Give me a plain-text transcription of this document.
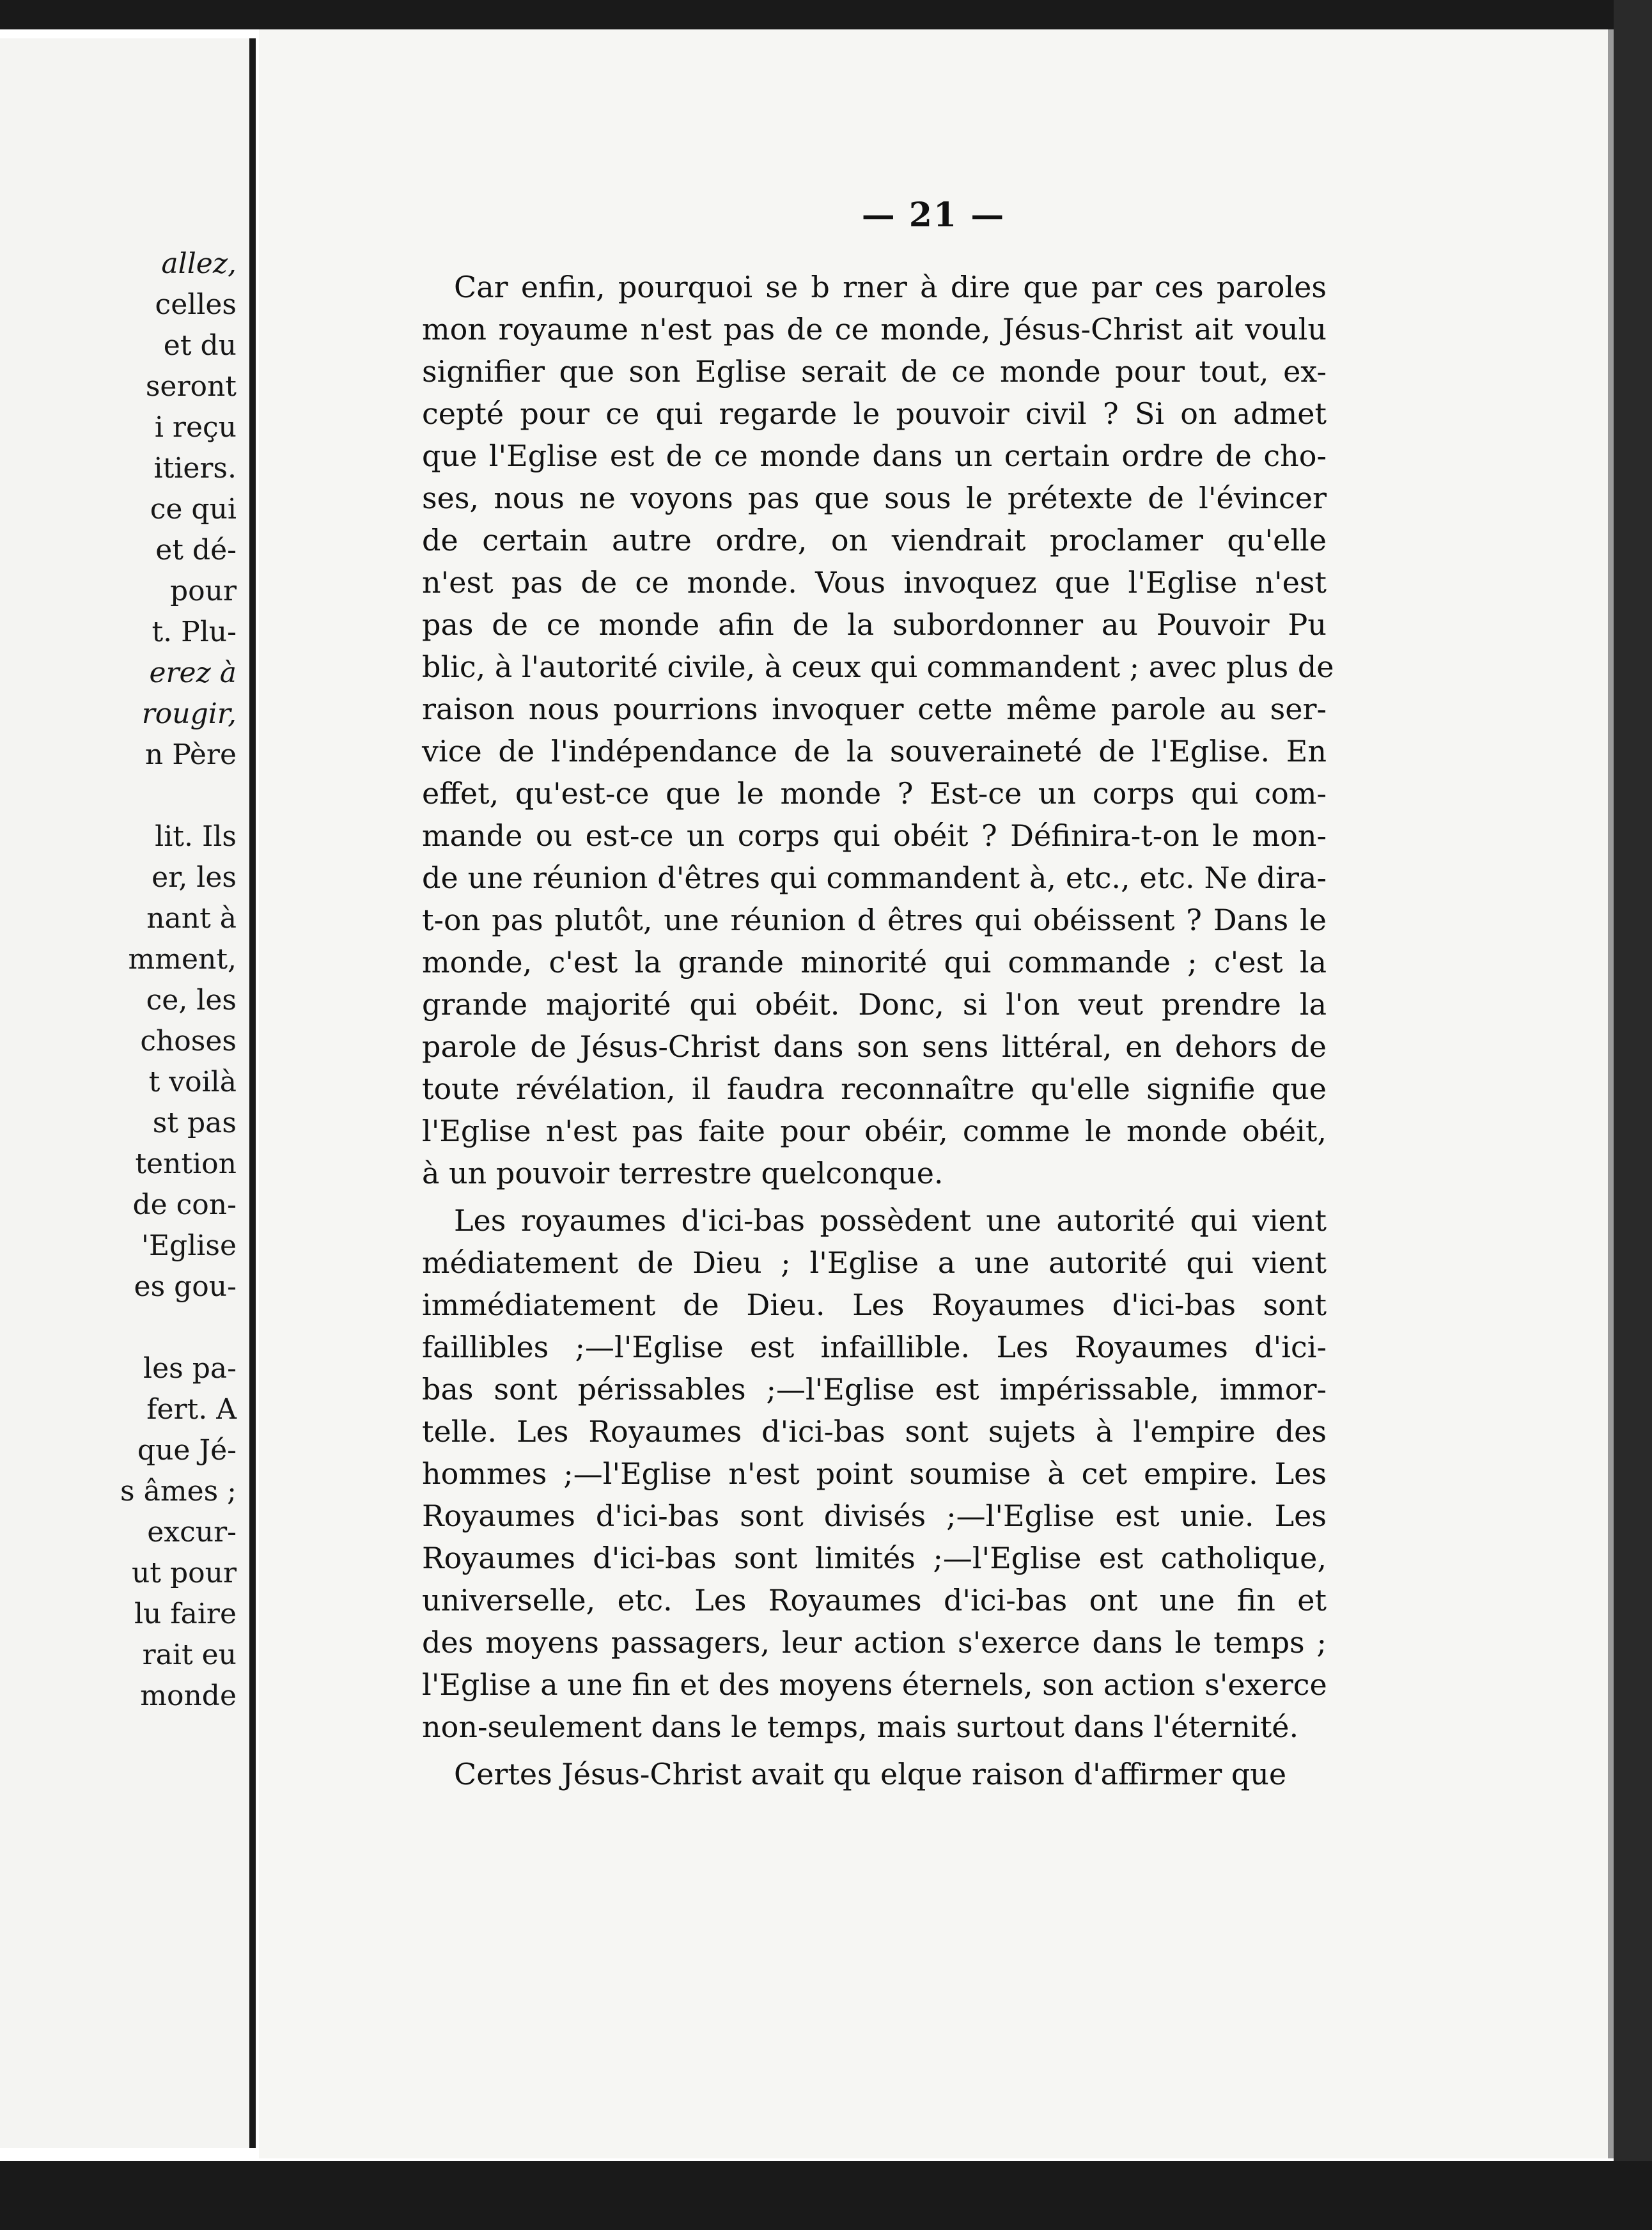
allez,
celles
et du
seront
i reçu
itiers.
ce qui
et dé-
pour
t. Plu-
erez à
rougir,
n Père
lit. Ils
er, les
nant à
mment,
ce, les
choses
t voilà
st pas
tention
de con-
'Eglise
es gou-
les pa-
fert. A
que Jé-
s âmes ;
excur-
ut pour
lu faire
rait eu
monde
— 21 —
Car enfin, pourquoi se b rner à dire que par ces paroles
mon royaume n'est pas de ce monde, Jésus-Christ ait voulu
signifier que son Eglise serait de ce monde pour tout, ex-
cepté pour ce qui regarde le pouvoir civil ? Si on admet
que l'Eglise est de ce monde dans un certain ordre de cho-
ses, nous ne voyons pas que sous le prétexte de l'évincer
de certain autre ordre, on viendrait proclamer qu'elle
n'est pas de ce monde. Vous invoquez que l'Eglise n'est
pas de ce monde afin de la subordonner au Pouvoir Pu
blic, à l'autorité civile, à ceux qui commandent ; avec plus de
raison nous pourrions invoquer cette même parole au ser-
vice de l'indépendance de la souveraineté de l'Eglise. En
effet, qu'est-ce que le monde ? Est-ce un corps qui com-
mande ou est-ce un corps qui obéit ? Définira-t-on le mon-
de une réunion d'êtres qui commandent à, etc., etc. Ne dira-
t-on pas plutôt, une réunion d êtres qui obéissent ? Dans le
monde, c'est la grande minorité qui commande ; c'est la
grande majorité qui obéit. Donc, si l'on veut prendre la
parole de Jésus-Christ dans son sens littéral, en dehors de
toute révélation, il faudra reconnaître qu'elle signifie que
l'Eglise n'est pas faite pour obéir, comme le monde obéit,
à un pouvoir terrestre quelconque.
Les royaumes d'ici-bas possèdent une autorité qui vient
médiatement de Dieu ; l'Eglise a une autorité qui vient
immédiatement de Dieu. Les Royaumes d'ici-bas sont
faillibles ;—l'Eglise est infaillible. Les Royaumes d'ici-
bas sont périssables ;—l'Eglise est impérissable, immor-
telle. Les Royaumes d'ici-bas sont sujets à l'empire des
hommes ;—l'Eglise n'est point soumise à cet empire. Les
Royaumes d'ici-bas sont divisés ;—l'Eglise est unie. Les
Royaumes d'ici-bas sont limités ;—l'Eglise est catholique,
universelle, etc. Les Royaumes d'ici-bas ont une fin et
des moyens passagers, leur action s'exerce dans le temps ;
l'Eglise a une fin et des moyens éternels, son action s'exerce
non-seulement dans le temps, mais surtout dans l'éternité.
Certes Jésus-Christ avait qu elque raison d'affirmer que
